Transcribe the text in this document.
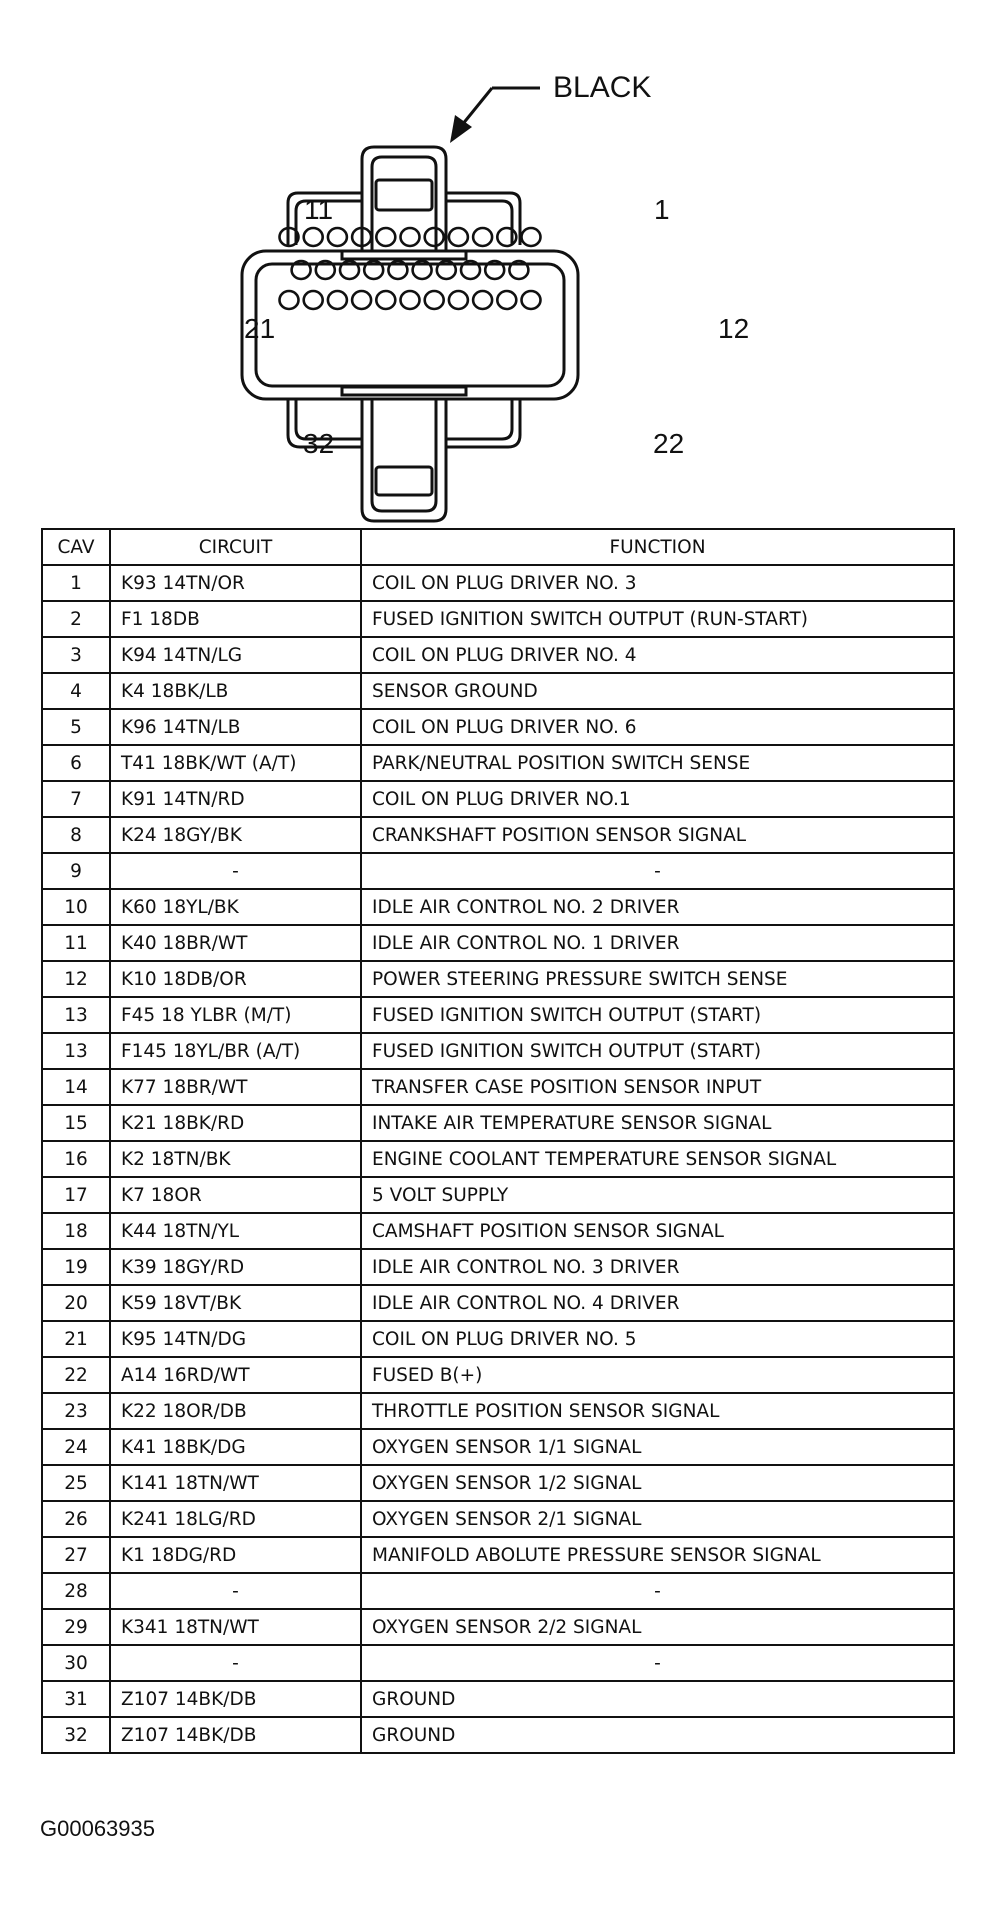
BLACK
11	1
21	12
32	22
CAV	CIRCUIT	FUNCTION
1	K93 14TN/OR	COIL ON PLUG DRIVER NO. 3
2	F1 18DB	FUSED IGNITION SWITCH OUTPUT (RUN-START)
3	K94 14TN/LG	COIL ON PLUG DRIVER NO. 4
4	K4 18BK/LB	SENSOR GROUND
5	K96 14TN/LB	COIL ON PLUG DRIVER NO. 6
6	T41 18BK/WT (A/T)	PARK/NEUTRAL POSITION SWITCH SENSE
7	K91 14TN/RD	COIL ON PLUG DRIVER NO.1
8	K24 18GY/BK	CRANKSHAFT POSITION SENSOR SIGNAL
9	-	-
10	K60 18YL/BK	IDLE AIR CONTROL NO. 2 DRIVER
11	K40 18BR/WT	IDLE AIR CONTROL NO. 1 DRIVER
12	K10 18DB/OR	POWER STEERING PRESSURE SWITCH SENSE
13	F45 18 YLBR (M/T)	FUSED IGNITION SWITCH OUTPUT (START)
13	F145 18YL/BR (A/T)	FUSED IGNITION SWITCH OUTPUT (START)
14	K77 18BR/WT	TRANSFER CASE POSITION SENSOR INPUT
15	K21 18BK/RD	INTAKE AIR TEMPERATURE SENSOR SIGNAL
16	K2 18TN/BK	ENGINE COOLANT TEMPERATURE SENSOR SIGNAL
17	K7 18OR	5 VOLT SUPPLY
18	K44 18TN/YL	CAMSHAFT POSITION SENSOR SIGNAL
19	K39 18GY/RD	IDLE AIR CONTROL NO. 3 DRIVER
20	K59 18VT/BK	IDLE AIR CONTROL NO. 4 DRIVER
21	K95 14TN/DG	COIL ON PLUG DRIVER NO. 5
22	A14 16RD/WT	FUSED B(+)
23	K22 18OR/DB	THROTTLE POSITION SENSOR SIGNAL
24	K41 18BK/DG	OXYGEN SENSOR 1/1 SIGNAL
25	K141 18TN/WT	OXYGEN SENSOR 1/2 SIGNAL
26	K241 18LG/RD	OXYGEN SENSOR 2/1 SIGNAL
27	K1 18DG/RD	MANIFOLD ABOLUTE PRESSURE SENSOR SIGNAL
28	-	-
29	K341 18TN/WT	OXYGEN SENSOR 2/2 SIGNAL
30	-	-
31	Z107 14BK/DB	GROUND
32	Z107 14BK/DB	GROUND
G00063935
